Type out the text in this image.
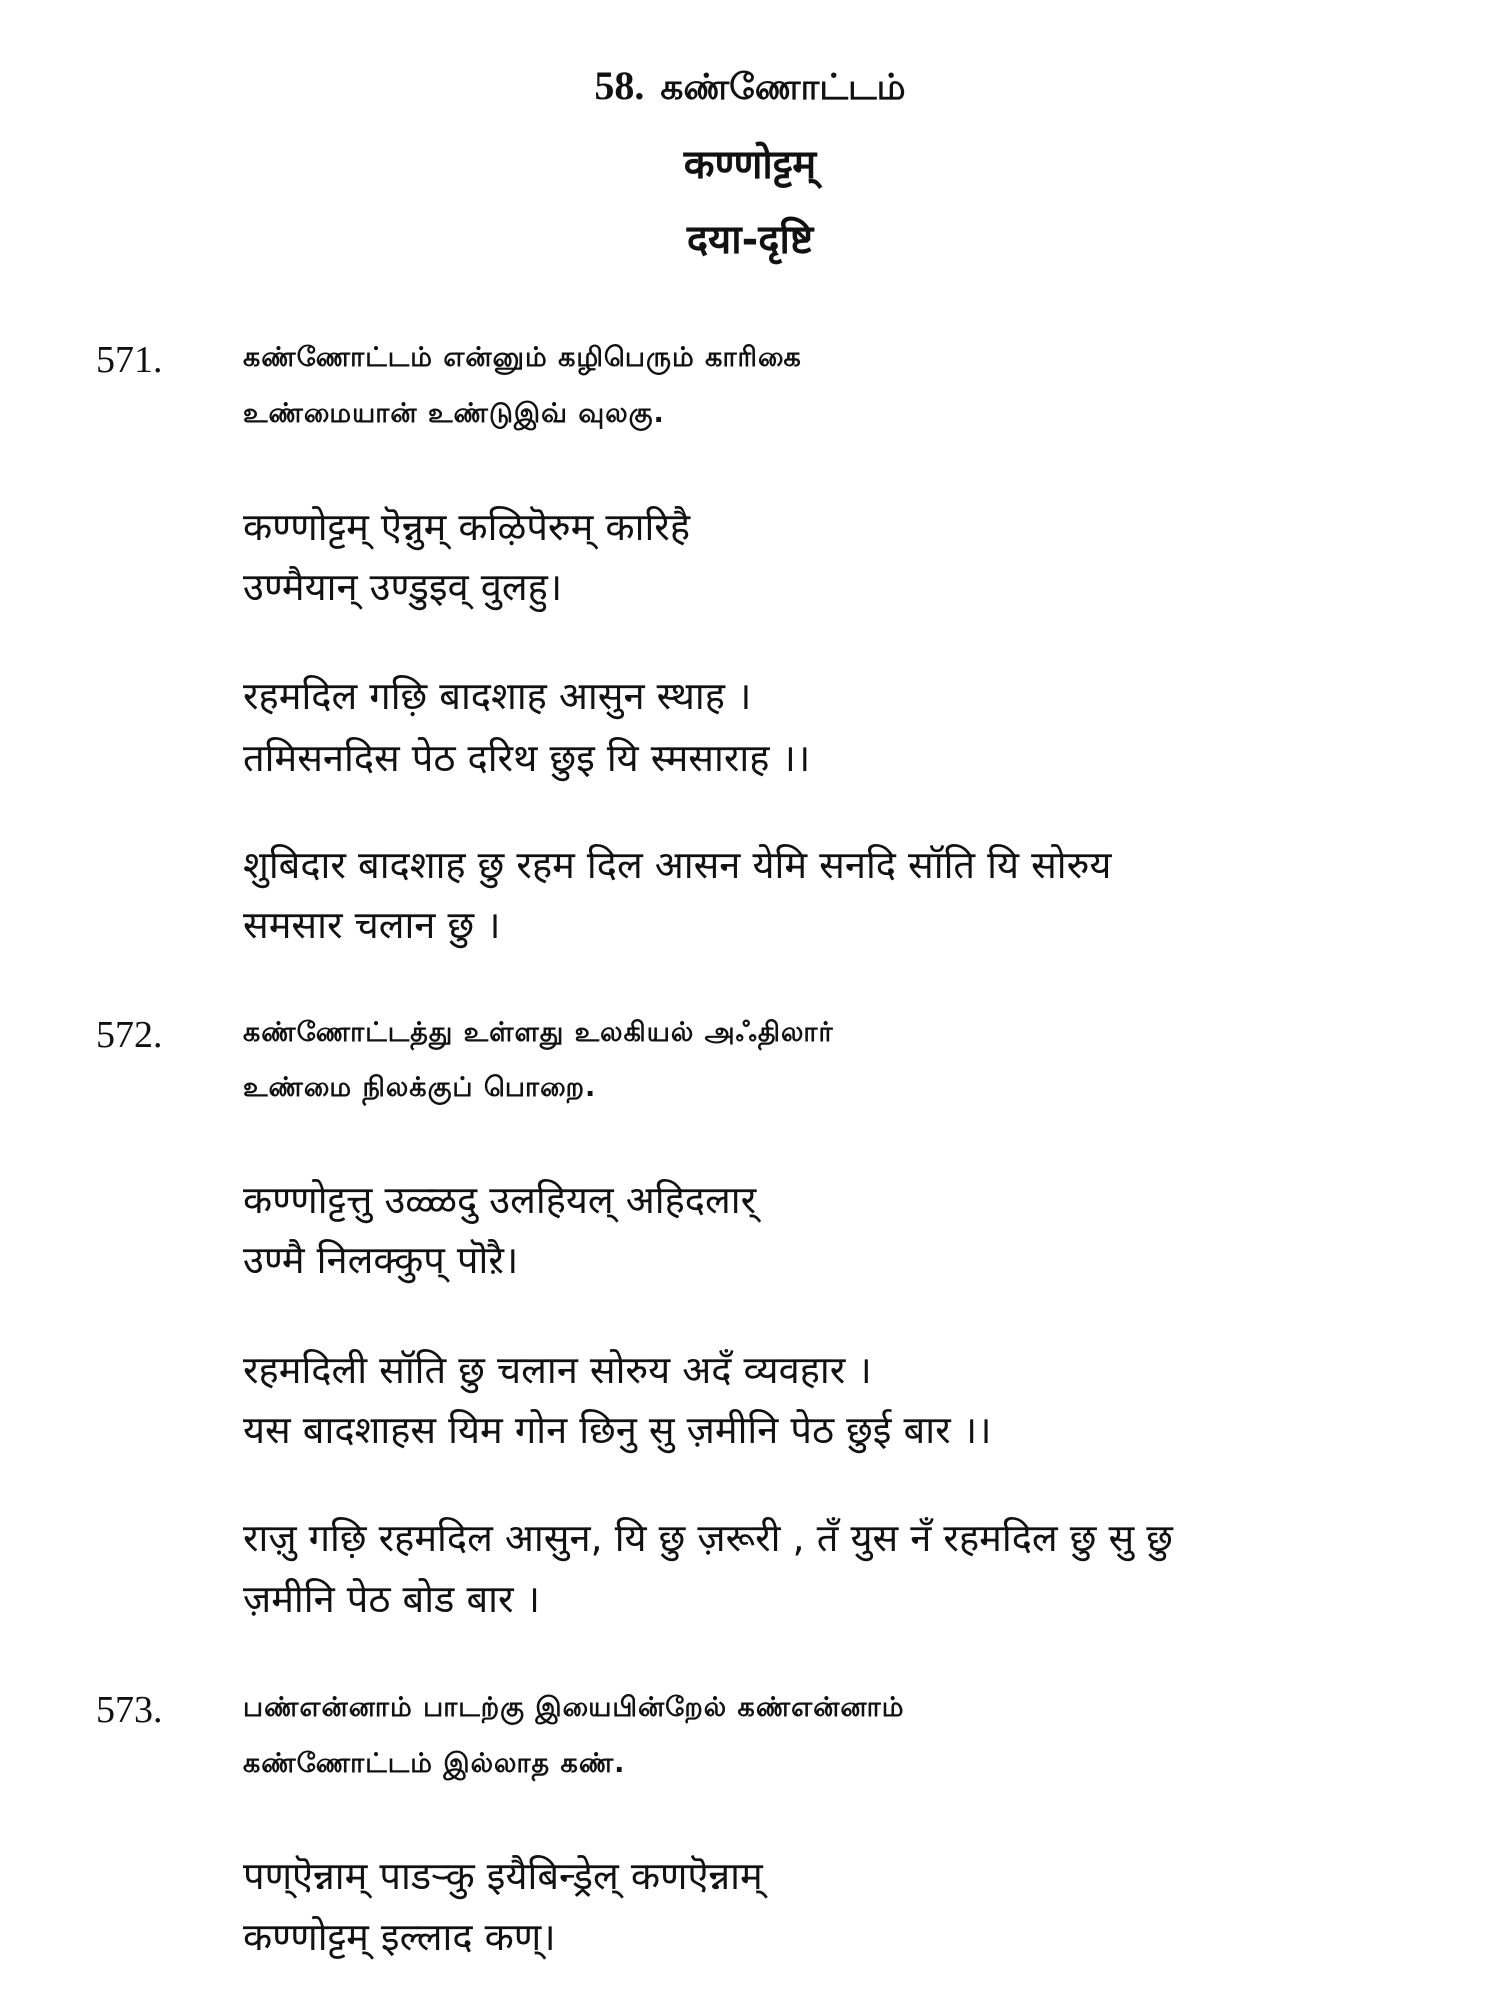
58. கண்ணோட்டம்
कण्णोट्टम्
दया-दृष्टि
571.	கண்ணோட்டம் என்னும் கழிபெரும் காரிகை
உண்மையான் உண்டுஇவ் வுலகு.
कण्णोट्टम् ऎन्नुम् कऴिपॆरुम् कारिहै
उण्मैयान् उण्डुइव् वुलहु।
रहमदिल गछ़ि बादशाह आसुन स्थाह ।
तमिसनदिस पेठ दरिथ छुइ यि स्मसाराह ।।
शुबिदार बादशाह छु रहम दिल आसन येमि सनदि सॉति यि सोरुय
समसार चलान छु ।
572.	கண்ணோட்டத்து உள்ளது உலகியல் அஃதிலார்
உண்மை நிலக்குப் பொறை.
कण्णोट्टत्तु उळ्ळदु उलहियल् अहिदलार्
उण्मै निलक्कुप् पॊऱै।
रहमदिली सॉति छु चलान सोरुय अदँ व्यवहार ।
यस बादशाहस यिम गोन छिनु सु ज़मीनि पेठ छुई बार ।।
राज़ु गछ़ि रहमदिल आसुन, यि छु ज़रूरी , तँ युस नँ रहमदिल छु सु छु
ज़मीनि पेठ बोड बार ।
573.	பண்என்னாம் பாடற்கு இயைபின்றேல் கண்என்னாம்
கண்ணோட்டம் இல்லாத கண்.
पण्ऎन्नाम् पाडऱ्कु इयैबिन्ड्रेल् कणऎन्नाम्
कण्णोट्टम् इल्लाद कण्।
